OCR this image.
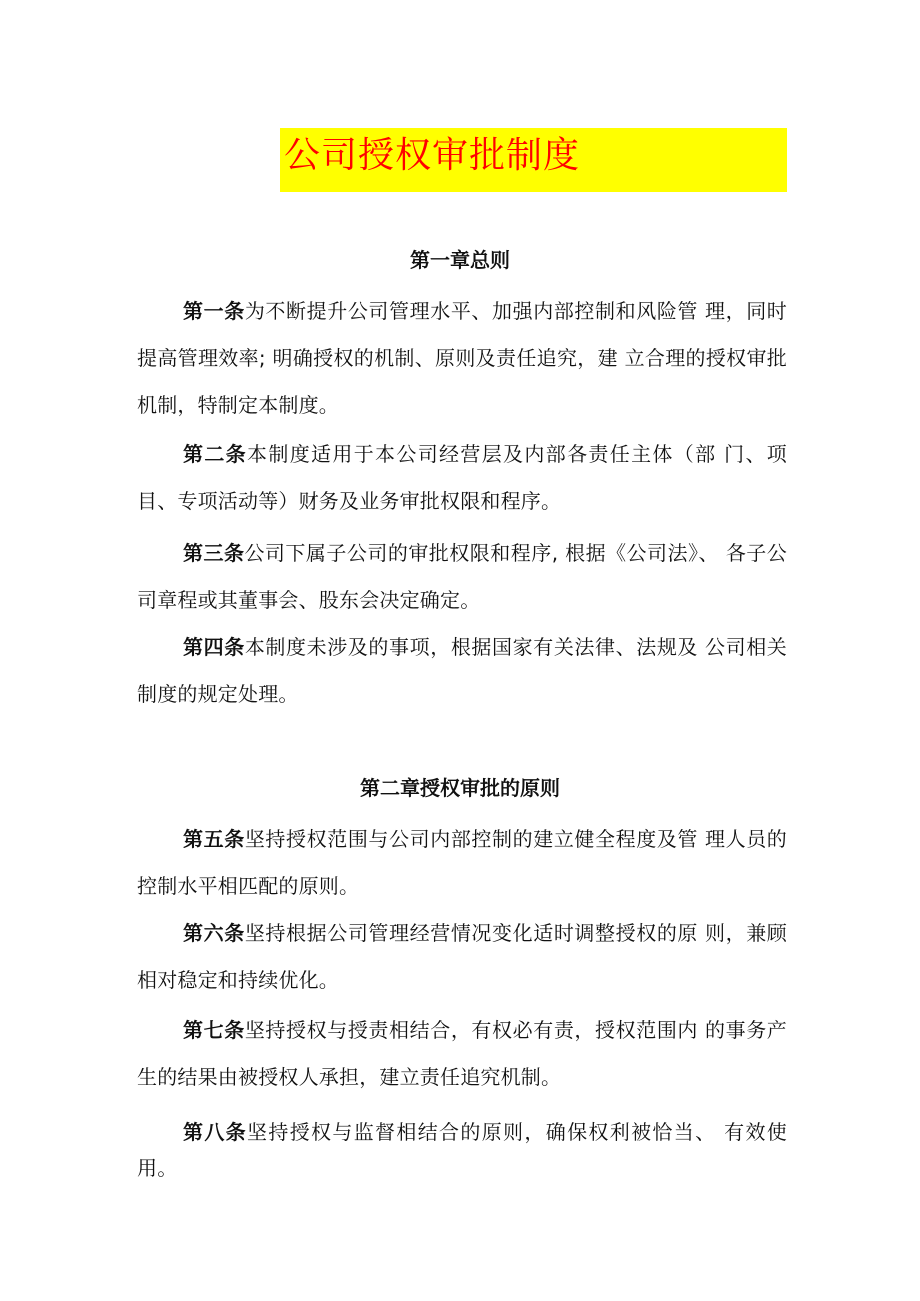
公司授权审批制度
第一章总则
第一条为不断提升公司管理水平、加强内部控制和风险管 理，同时提高管理效率; 明确授权的机制、原则及责任追究，建 立合理的授权审批机制，特制定本制度。
第二条本制度适用于本公司经营层及内部各责任主体（部 门、项目、专项活动等）财务及业务审批权限和程序。
第三条公司下属子公司的审批权限和程序, 根据《公司法》、 各子公司章程或其董事会、股东会决定确定。
第四条本制度未涉及的事项，根据国家有关法律、法规及 公司相关制度的规定处理。
第二章授权审批的原则
第五条坚持授权范围与公司内部控制的建立健全程度及管 理人员的控制水平相匹配的原则。
第六条坚持根据公司管理经营情况变化适时调整授权的原 则，兼顾相对稳定和持续优化。
第七条坚持授权与授责相结合，有权必有责，授权范围内 的事务产生的结果由被授权人承担，建立责任追究机制。
第八条坚持授权与监督相结合的原则，确保权利被恰当、 有效使用。
